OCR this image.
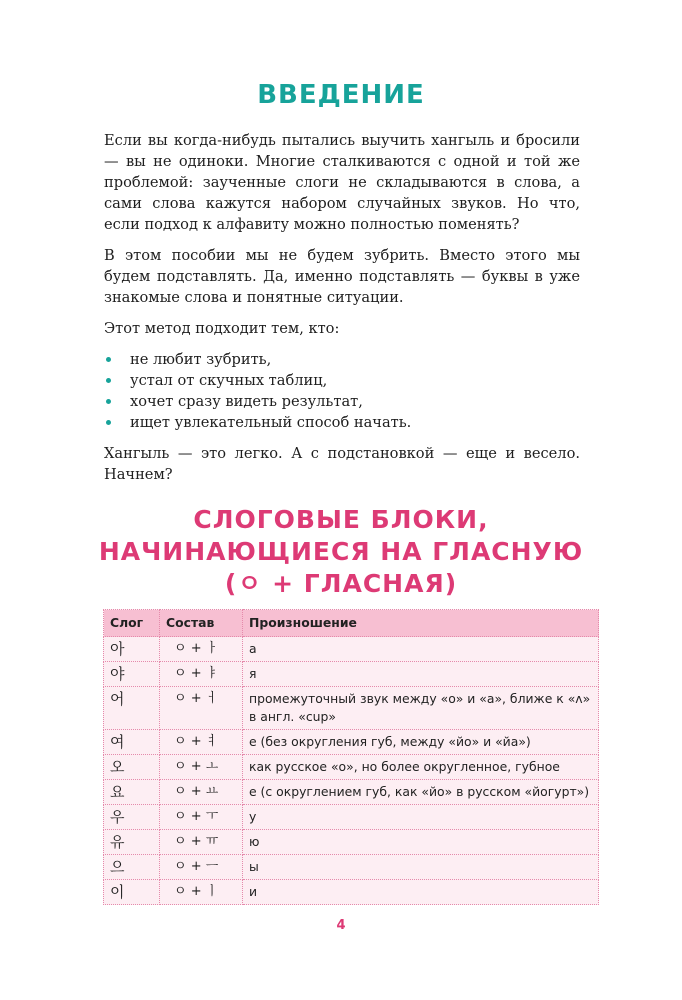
ВВЕДЕНИЕ

Если вы когда-нибудь пытались выучить хангыль и бросили — вы не одиноки. Многие сталкиваются с одной и той же проблемой: заученные слоги не складываются в слова, а сами слова кажутся набором случайных звуков. Но что, если подход к алфавиту можно полностью поменять?

В этом пособии мы не будем зубрить. Вместо этого мы будем подставлять. Да, именно подставлять — буквы в уже знакомые слова и понятные ситуации.

Этот метод подходит тем, кто:

не любит зубрить,
устал от скучных таблиц,
хочет сразу видеть результат,
ищет увлекательный способ начать.

Хангыль — это легко. А с подстановкой — еще и весело. Начнем?

СЛОГОВЫЕ БЛОКИ,
НАЧИНАЮЩИЕСЯ НА ГЛАСНУЮ
(ㅇ + ГЛАСНАЯ)
Слог	Состав	Произношение
아	ㅇ + ㅏ	а
야	ㅇ + ㅑ	я
어	ㅇ + ㅓ	промежуточный звук между «о» и «а», ближе к «ʌ» в англ. «cup»
여	ㅇ + ㅕ	е (без округления губ, между «йо» и «йа»)
오	ㅇ + ㅗ	как русское «о», но более округленное, губное
요	ㅇ + ㅛ	е (с округлением губ, как «йо» в русском «йогурт»)
우	ㅇ + ㅜ	у
유	ㅇ + ㅠ	ю
으	ㅇ + ㅡ	ы
이	ㅇ + ㅣ	и
4
